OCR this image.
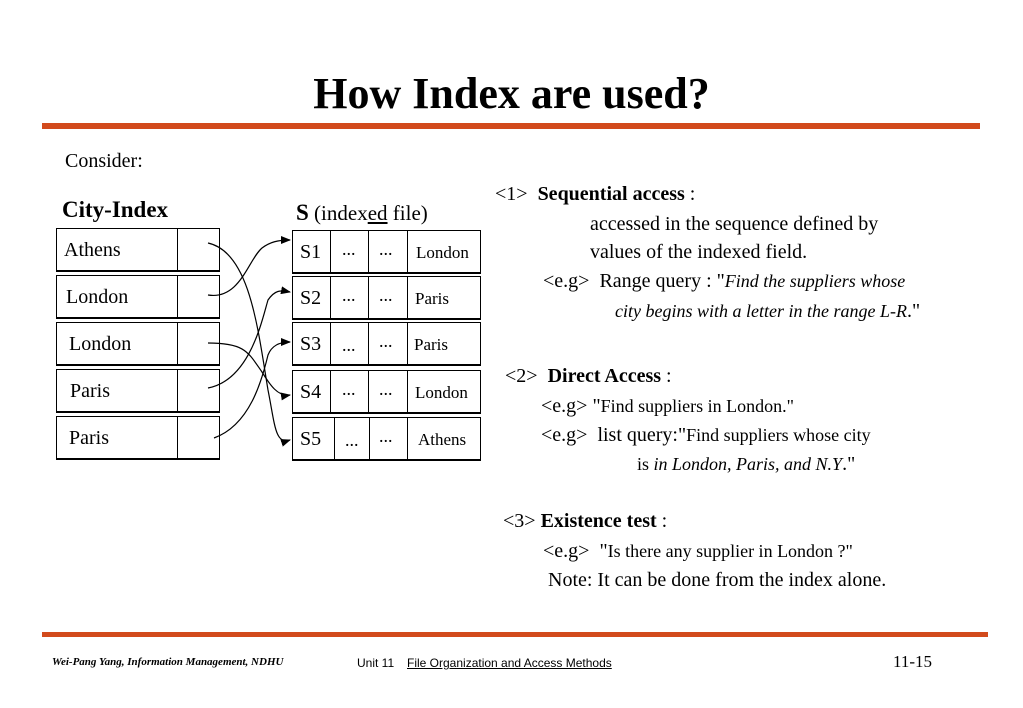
How Index are used?
Consider:
City-Index	S (indexed file)
Athens
London
London
Paris
Paris
S1 ... ... London
S2 ... ... Paris
S3 ... ... Paris
S4 ... ... London
S5 ... ... Athens
<1> Sequential access :
accessed in the sequence defined by
values of the indexed field.
<e.g> Range query : "Find the suppliers whose
city begins with a letter in the range L-R."
<2> Direct Access :
<e.g> "Find suppliers in London."
<e.g> list query:"Find suppliers whose city
is in London, Paris, and N.Y."
<3> Existence test :
<e.g> "Is there any supplier in London ?"
Note: It can be done from the index alone.
Wei-Pang Yang, Information Management, NDHU	Unit 11 File Organization and Access Methods	11-15
